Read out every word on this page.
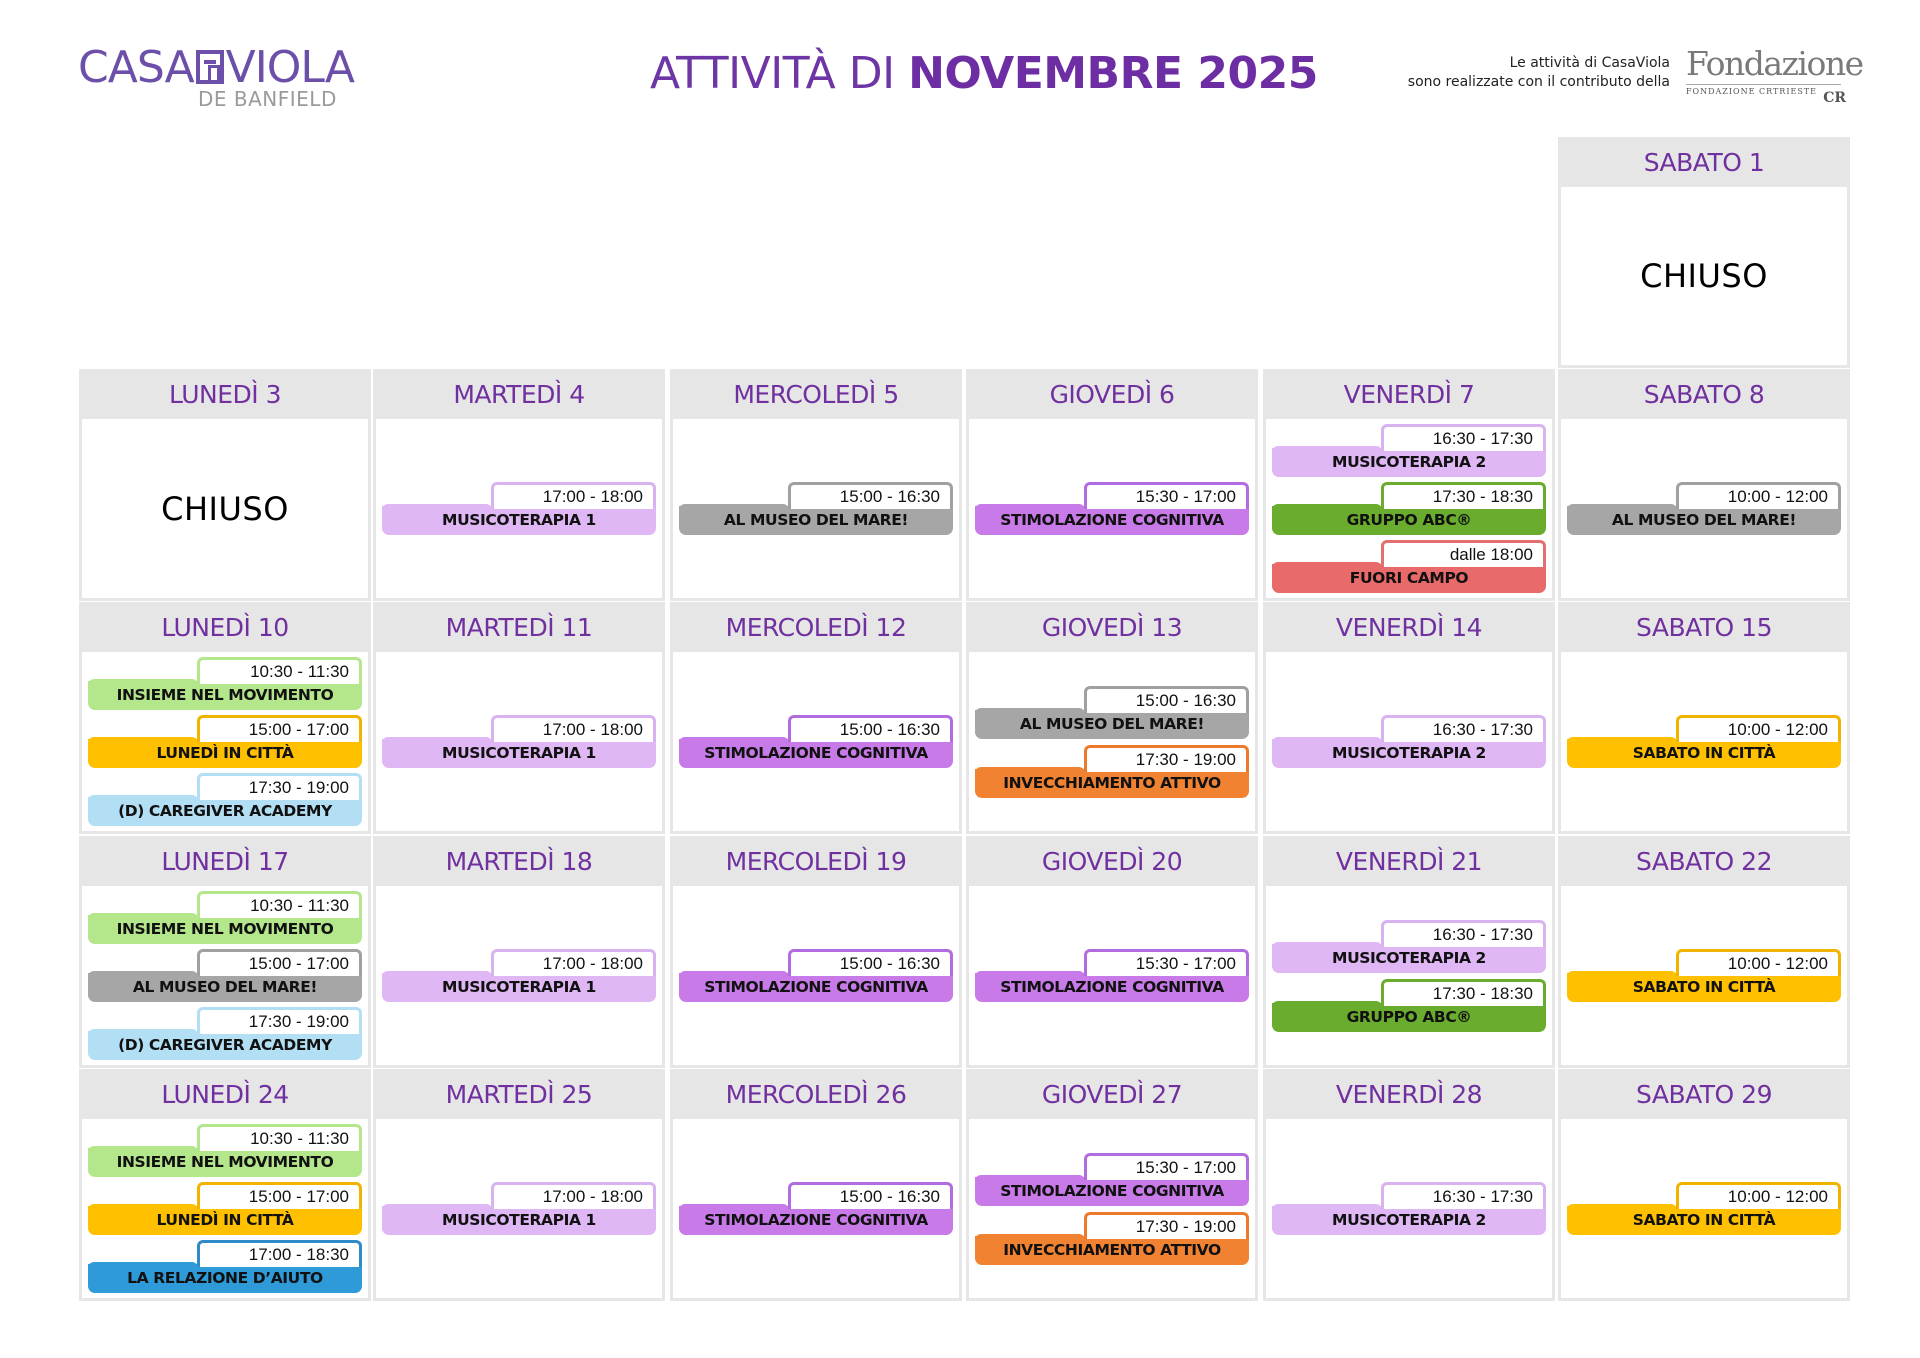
CASA VIOLA
DE BANFIELD	ATTIVITÀ DI NOVEMBRE 2025	Le attività di CasaViola
sono realizzate con il contributo della Fondazione
FONDAZIONE CRTRIESTE CR
SABATO 1
CHIUSO
LUNEDÌ 3
CHIUSO
MARTEDÌ 4
MUSICOTERAPIA 1
17:00 - 18:00
MERCOLEDÌ 5
AL MUSEO DEL MARE!
15:00 - 16:30
GIOVEDÌ 6
STIMOLAZIONE COGNITIVA
15:30 - 17:00
VENERDÌ 7
MUSICOTERAPIA 2
16:30 - 17:30
GRUPPO ABC®
17:30 - 18:30
FUORI CAMPO
dalle 18:00
SABATO 8
AL MUSEO DEL MARE!
10:00 - 12:00
LUNEDÌ 10
INSIEME NEL MOVIMENTO
10:30 - 11:30
LUNEDÌ IN CITTÀ
15:00 - 17:00
(D) CAREGIVER ACADEMY
17:30 - 19:00
MARTEDÌ 11
MUSICOTERAPIA 1
17:00 - 18:00
MERCOLEDÌ 12
STIMOLAZIONE COGNITIVA
15:00 - 16:30
GIOVEDÌ 13
AL MUSEO DEL MARE!
15:00 - 16:30
INVECCHIAMENTO ATTIVO
17:30 - 19:00
VENERDÌ 14
MUSICOTERAPIA 2
16:30 - 17:30
SABATO 15
SABATO IN CITTÀ
10:00 - 12:00
LUNEDÌ 17
INSIEME NEL MOVIMENTO
10:30 - 11:30
AL MUSEO DEL MARE!
15:00 - 17:00
(D) CAREGIVER ACADEMY
17:30 - 19:00
MARTEDÌ 18
MUSICOTERAPIA 1
17:00 - 18:00
MERCOLEDÌ 19
STIMOLAZIONE COGNITIVA
15:00 - 16:30
GIOVEDÌ 20
STIMOLAZIONE COGNITIVA
15:30 - 17:00
VENERDÌ 21
MUSICOTERAPIA 2
16:30 - 17:30
GRUPPO ABC®
17:30 - 18:30
SABATO 22
SABATO IN CITTÀ
10:00 - 12:00
LUNEDÌ 24
INSIEME NEL MOVIMENTO
10:30 - 11:30
LUNEDÌ IN CITTÀ
15:00 - 17:00
LA RELAZIONE D’AIUTO
17:00 - 18:30
MARTEDÌ 25
MUSICOTERAPIA 1
17:00 - 18:00
MERCOLEDÌ 26
STIMOLAZIONE COGNITIVA
15:00 - 16:30
GIOVEDÌ 27
STIMOLAZIONE COGNITIVA
15:30 - 17:00
INVECCHIAMENTO ATTIVO
17:30 - 19:00
VENERDÌ 28
MUSICOTERAPIA 2
16:30 - 17:30
SABATO 29
SABATO IN CITTÀ
10:00 - 12:00
